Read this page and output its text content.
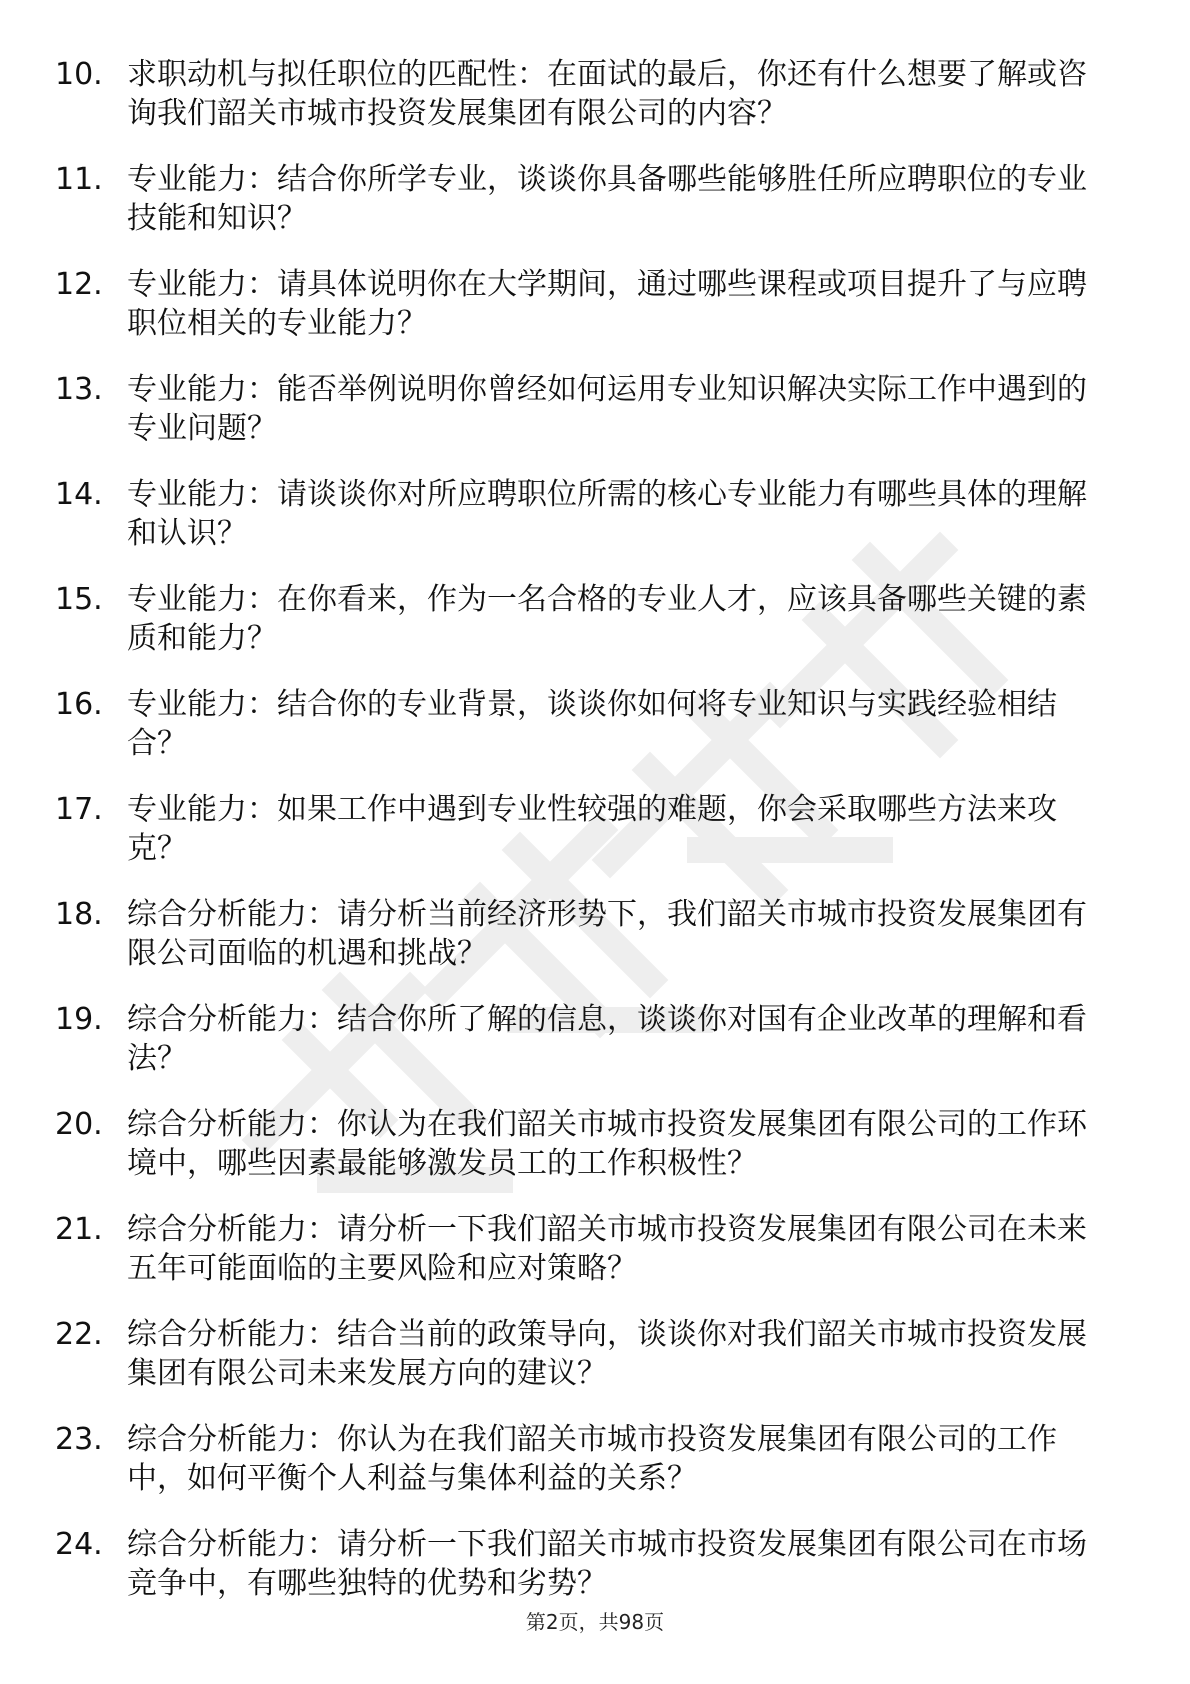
10. 求职动机与拟任职位的匹配性：在面试的最后，你还有什么想要了解或咨询我们韶关市城市投资发展集团有限公司的内容？
11. 专业能力：结合你所学专业，谈谈你具备哪些能够胜任所应聘职位的专业技能和知识？
12. 专业能力：请具体说明你在大学期间，通过哪些课程或项目提升了与应聘职位相关的专业能力？
13. 专业能力：能否举例说明你曾经如何运用专业知识解决实际工作中遇到的专业问题？
14. 专业能力：请谈谈你对所应聘职位所需的核心专业能力有哪些具体的理解和认识？
15. 专业能力：在你看来，作为一名合格的专业人才，应该具备哪些关键的素质和能力？
16. 专业能力：结合你的专业背景，谈谈你如何将专业知识与实践经验相结合？
17. 专业能力：如果工作中遇到专业性较强的难题，你会采取哪些方法来攻克？
18. 综合分析能力：请分析当前经济形势下，我们韶关市城市投资发展集团有限公司面临的机遇和挑战？
19. 综合分析能力：结合你所了解的信息，谈谈你对国有企业改革的理解和看法？
20. 综合分析能力：你认为在我们韶关市城市投资发展集团有限公司的工作环境中，哪些因素最能够激发员工的工作积极性？
21. 综合分析能力：请分析一下我们韶关市城市投资发展集团有限公司在未来五年可能面临的主要风险和应对策略？
22. 综合分析能力：结合当前的政策导向，谈谈你对我们韶关市城市投资发展集团有限公司未来发展方向的建议？
23. 综合分析能力：你认为在我们韶关市城市投资发展集团有限公司的工作中，如何平衡个人利益与集体利益的关系？
24. 综合分析能力：请分析一下我们韶关市城市投资发展集团有限公司在市场竞争中，有哪些独特的优势和劣势？
第2页，共98页
